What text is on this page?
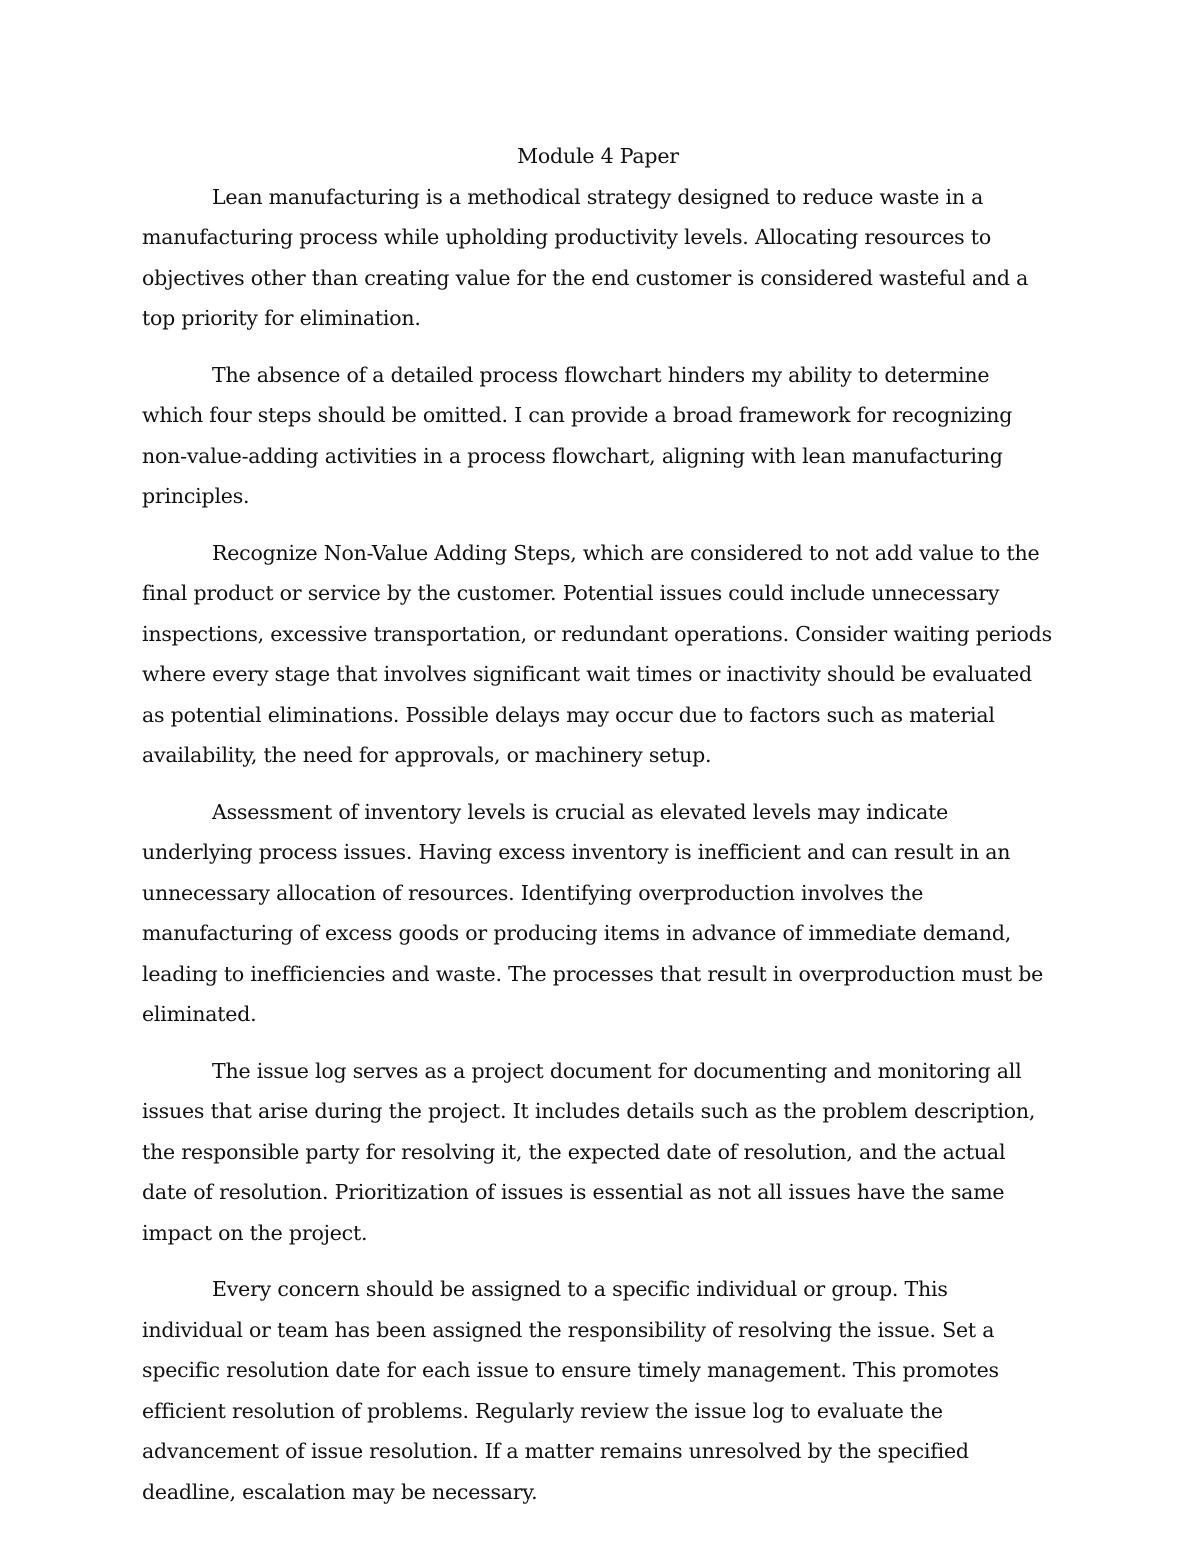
Module 4 Paper

Lean manufacturing is a methodical strategy designed to reduce waste in a manufacturing process while upholding productivity levels. Allocating resources to objectives other than creating value for the end customer is considered wasteful and a top priority for elimination.

The absence of a detailed process flowchart hinders my ability to determine which four steps should be omitted. I can provide a broad framework for recognizing non-value-adding activities in a process flowchart, aligning with lean manufacturing principles.

Recognize Non-Value Adding Steps, which are considered to not add value to the final product or service by the customer. Potential issues could include unnecessary inspections, excessive transportation, or redundant operations. Consider waiting periods where every stage that involves significant wait times or inactivity should be evaluated as potential eliminations. Possible delays may occur due to factors such as material availability, the need for approvals, or machinery setup.

Assessment of inventory levels is crucial as elevated levels may indicate underlying process issues. Having excess inventory is inefficient and can result in an unnecessary allocation of resources. Identifying overproduction involves the manufacturing of excess goods or producing items in advance of immediate demand, leading to inefficiencies and waste. The processes that result in overproduction must be eliminated.

The issue log serves as a project document for documenting and monitoring all issues that arise during the project. It includes details such as the problem description, the responsible party for resolving it, the expected date of resolution, and the actual date of resolution. Prioritization of issues is essential as not all issues have the same impact on the project.

Every concern should be assigned to a specific individual or group. This individual or team has been assigned the responsibility of resolving the issue. Set a specific resolution date for each issue to ensure timely management. This promotes efficient resolution of problems. Regularly review the issue log to evaluate the advancement of issue resolution. If a matter remains unresolved by the specified deadline, escalation may be necessary.
